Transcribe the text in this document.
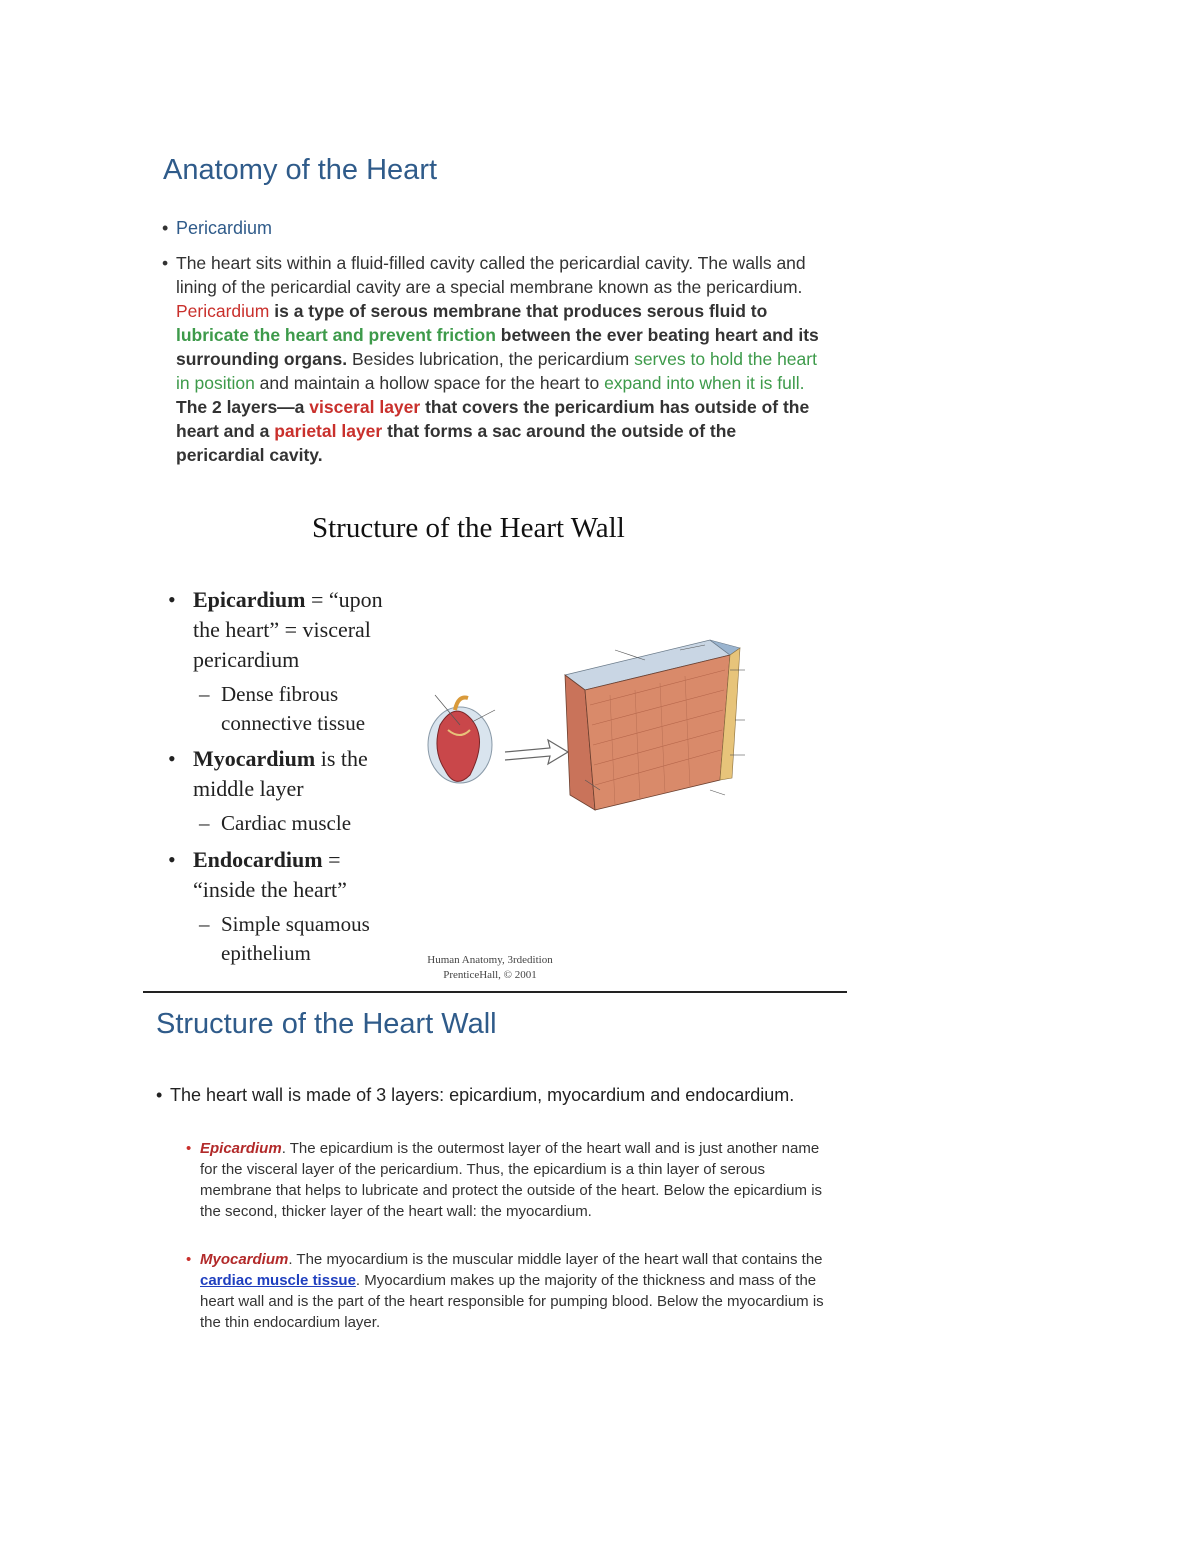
Anatomy of the Heart
• Pericardium
• The heart sits within a fluid-filled cavity called the pericardial cavity. The walls and lining of the pericardial cavity are a special membrane known as the pericardium. Pericardium is a type of serous membrane that produces serous fluid to lubricate the heart and prevent friction between the ever beating heart and its surrounding organs. Besides lubrication, the pericardium serves to hold the heart in position and maintain a hollow space for the heart to expand into when it is full.
The 2 layers—a visceral layer that covers the pericardium has outside of the heart and a parietal layer that forms a sac around the outside of the pericardial cavity.
Structure of the Heart Wall
• Epicardium = “upon
the heart” = visceral
pericardium
– Dense fibrous
connective tissue
• Myocardium is the
middle layer
– Cardiac muscle
• Endocardium =
“inside the heart”
– Simple squamous
epithelium	Human Anatomy, 3rdedition
PrenticeHall, © 2001
Structure of the Heart Wall
• The heart wall is made of 3 layers: epicardium, myocardium and endocardium.
• Epicardium. The epicardium is the outermost layer of the heart wall and is just another name for the visceral layer of the pericardium. Thus, the epicardium is a thin layer of serous membrane that helps to lubricate and protect the outside of the heart. Below the epicardium is the second, thicker layer of the heart wall: the myocardium.
• Myocardium. The myocardium is the muscular middle layer of the heart wall that contains the cardiac muscle tissue. Myocardium makes up the majority of the thickness and mass of the heart wall and is the part of the heart responsible for pumping blood. Below the myocardium is the thin endocardium layer.
